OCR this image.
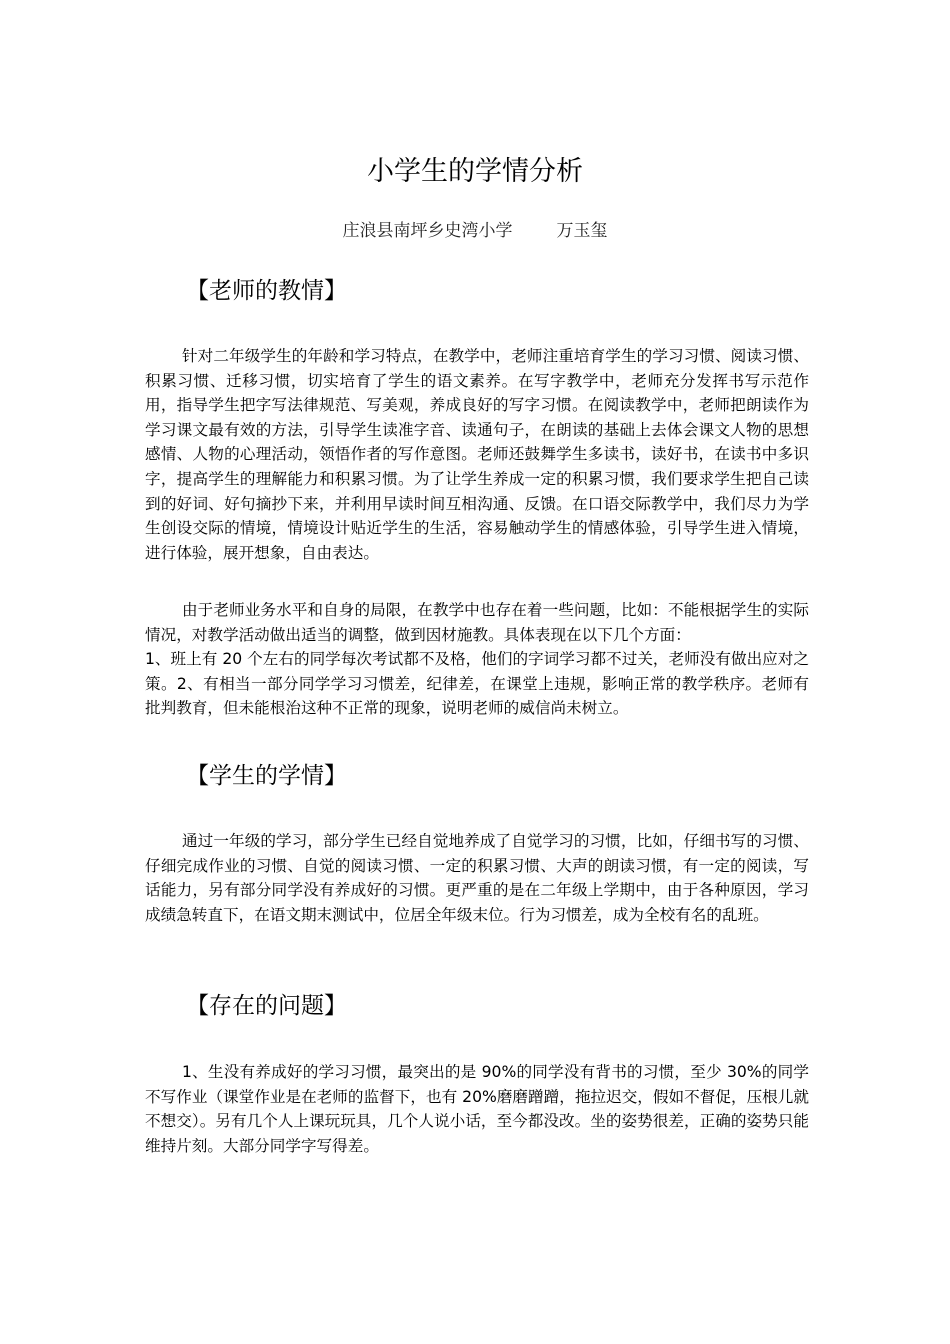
小学生的学情分析
庄浪县南坪乡史湾小学	万玉玺
【老师的教情】

针对二年级学生的年龄和学习特点，在教学中，老师注重培育学生的学习习惯、阅读习惯、积累习惯、迁移习惯，切实培育了学生的语文素养。在写字教学中，老师充分发挥书写示范作用，指导学生把字写法律规范、写美观，养成良好的写字习惯。在阅读教学中，老师把朗读作为学习课文最有效的方法，引导学生读准字音、读通句子，在朗读的基础上去体会课文人物的思想感情、人物的心理活动，领悟作者的写作意图。老师还鼓舞学生多读书，读好书，在读书中多识字，提高学生的理解能力和积累习惯。为了让学生养成一定的积累习惯，我们要求学生把自己读到的好词、好句摘抄下来，并利用早读时间互相沟通、反馈。在口语交际教学中，我们尽力为学生创设交际的情境，情境设计贴近学生的生活，容易触动学生的情感体验，引导学生进入情境，进行体验，展开想象，自由表达。

由于老师业务水平和自身的局限，在教学中也存在着一些问题，比如：不能根据学生的实际情况，对教学活动做出适当的调整，做到因材施教。具体表现在以下几个方面：

1、班上有 20 个左右的同学每次考试都不及格，他们的字词学习都不过关，老师没有做出应对之策。2、有相当一部分同学学习习惯差，纪律差，在课堂上违规，影响正常的教学秩序。老师有批判教育，但未能根治这种不正常的现象，说明老师的威信尚未树立。

【学生的学情】

通过一年级的学习，部分学生已经自觉地养成了自觉学习的习惯，比如，仔细书写的习惯、仔细完成作业的习惯、自觉的阅读习惯、一定的积累习惯、大声的朗读习惯，有一定的阅读，写话能力，另有部分同学没有养成好的习惯。更严重的是在二年级上学期中，由于各种原因，学习成绩急转直下，在语文期末测试中，位居全年级末位。行为习惯差，成为全校有名的乱班。

【存在的问题】

1、生没有养成好的学习习惯，最突出的是 90%的同学没有背书的习惯，至少 30%的同学不写作业（课堂作业是在老师的监督下，也有 20%磨磨蹭蹭，拖拉迟交，假如不督促，压根儿就不想交）。另有几个人上课玩玩具，几个人说小话，至今都没改。坐的姿势很差，正确的姿势只能维持片刻。大部分同学字写得差。
